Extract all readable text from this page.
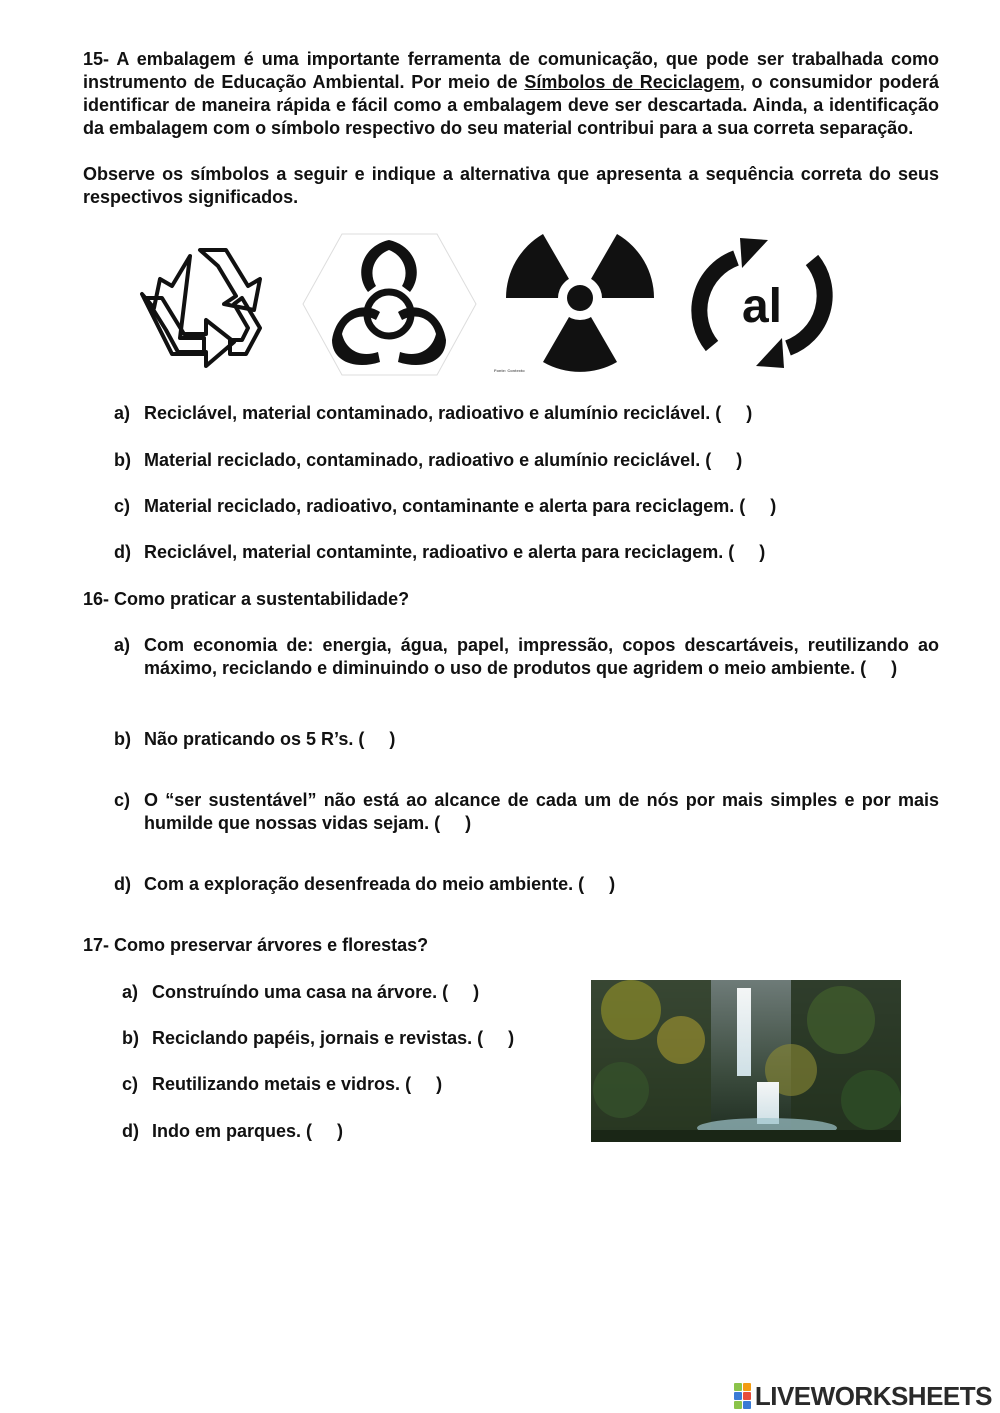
15- A embalagem é uma importante ferramenta de comunicação, que pode ser trabalhada como instrumento de Educação Ambiental. Por meio de Símbolos de Reciclagem, o consumidor poderá identificar de maneira rápida e fácil como a embalagem deve ser descartada. Ainda, a identificação da embalagem com o símbolo respectivo do seu material contribui para a sua correta separação.
Observe os símbolos a seguir e indique a alternativa que apresenta a sequência correta do seus respectivos significados.
Fonte: Contexto
al
a) Reciclável, material contaminado, radioativo e alumínio reciclável. (     )
b) Material reciclado, contaminado, radioativo e alumínio reciclável. (     )
c) Material reciclado, radioativo, contaminante e alerta para reciclagem. (     )
d) Reciclável, material contaminte, radioativo e alerta para reciclagem. (     )
16- Como praticar a sustentabilidade?
a) Com economia de: energia, água, papel, impressão, copos descartáveis, reutilizando ao máximo, reciclando e diminuindo o uso de produtos que agridem o meio ambiente. (     )
b) Não praticando os 5 R’s. (     )
c) O “ser sustentável” não está ao alcance de cada um de nós por mais simples e por mais humilde que nossas vidas sejam. (     )
d) Com a exploração desenfreada do meio ambiente. (     )
17- Como preservar árvores e florestas?
a) Construíndo uma casa na árvore. (     )
b) Reciclando papéis, jornais e revistas. (     )
c) Reutilizando metais e vidros. (     )
d) Indo em parques. (     )
LIVEWORKSHEETS
